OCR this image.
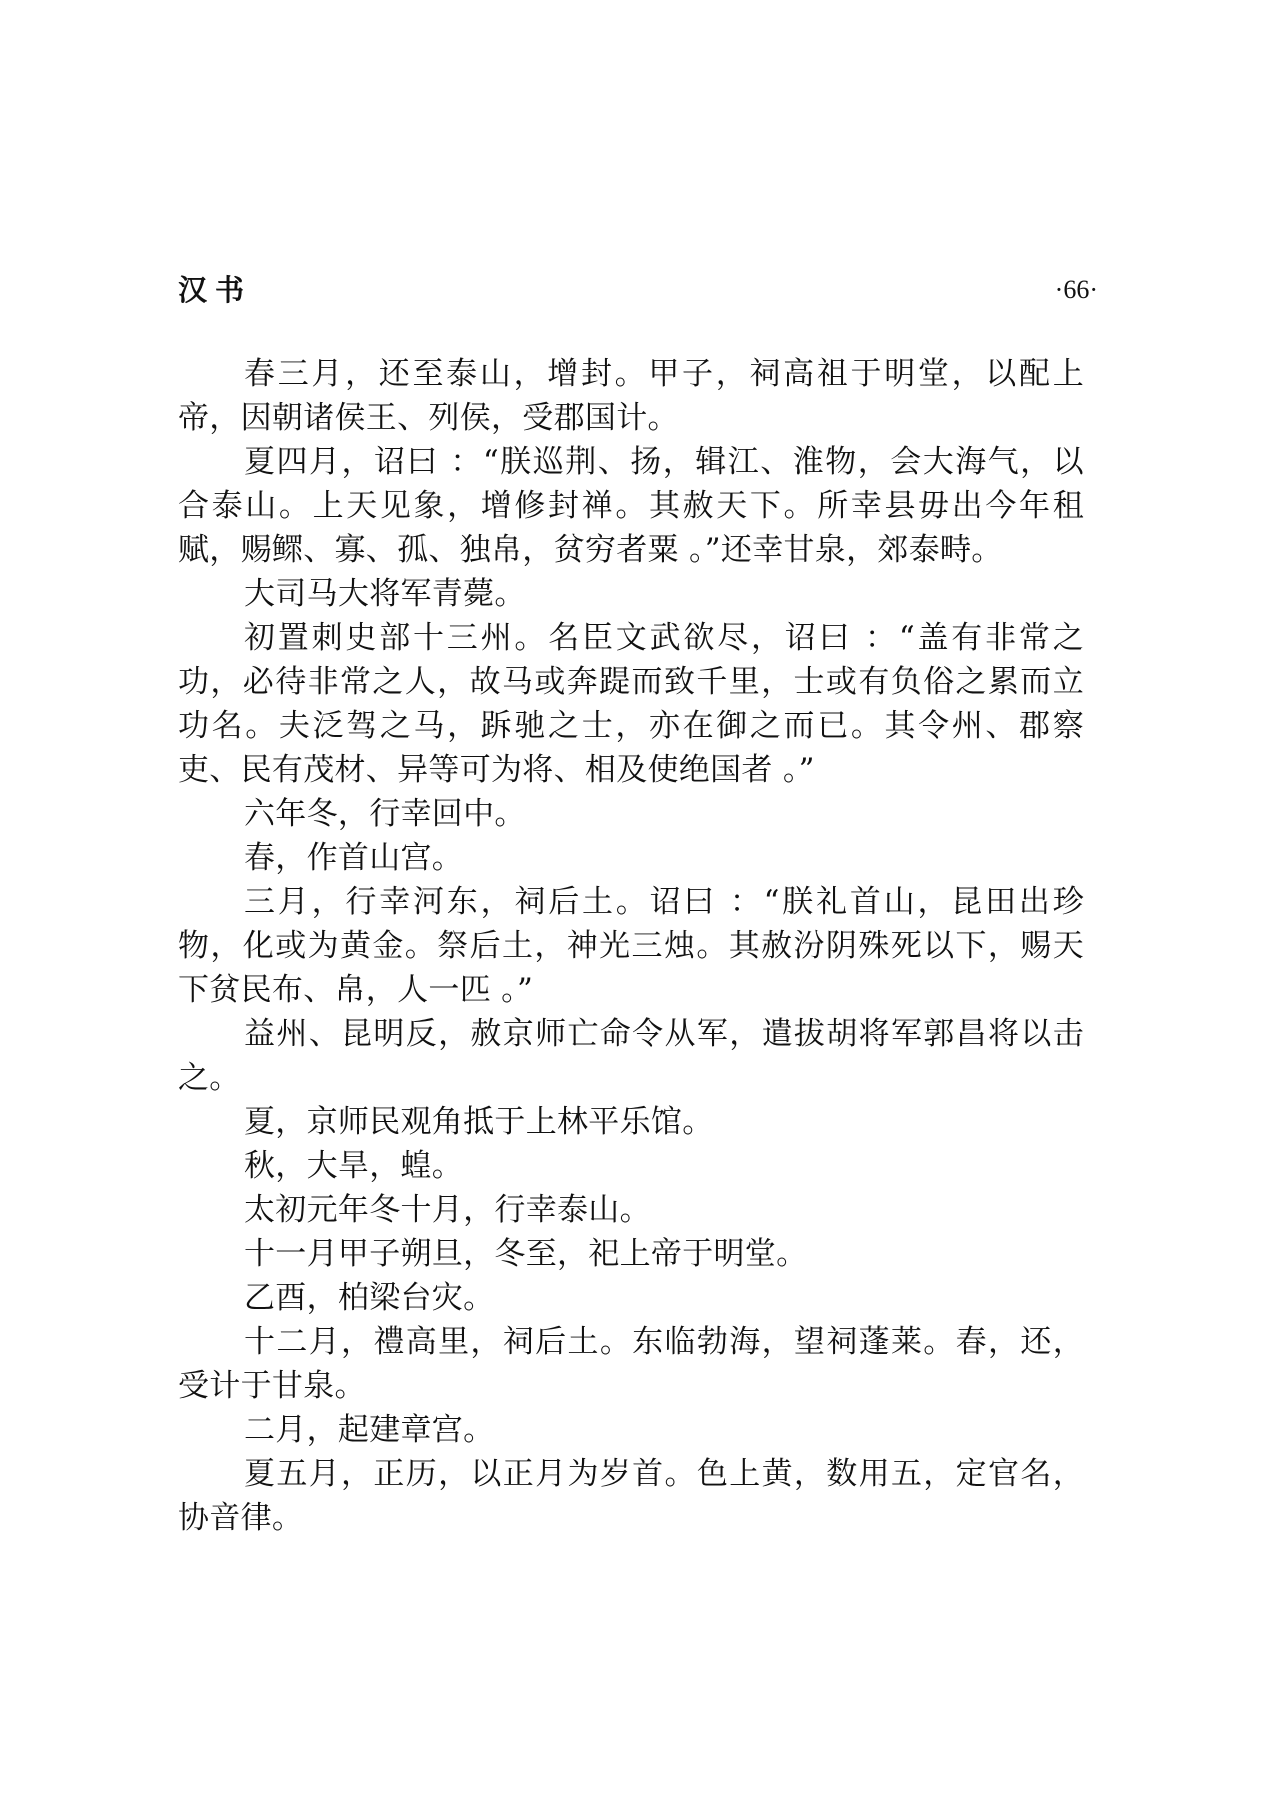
汉书	·66·

春三月，还至泰山，增封。甲子，祠高祖于明堂，以配上帝，因朝诸侯王、列侯，受郡国计。

夏四月，诏曰 ：“朕巡荆、扬，辑江、淮物，会大海气，以合泰山。上天见象，增修封禅。其赦天下。所幸县毋出今年租赋，赐鳏、寡、孤、独帛，贫穷者粟 。”还幸甘泉，郊泰畤。

大司马大将军青薨。

初置刺史部十三州。名臣文武欲尽，诏曰 ：“盖有非常之功，必待非常之人，故马或奔踶而致千里，士或有负俗之累而立功名。夫泛驾之马，跅驰之士，亦在御之而已。其令州、郡察吏、民有茂材、异等可为将、相及使绝国者 。”

六年冬，行幸回中。

春，作首山宫。

三月，行幸河东，祠后土。诏曰 ：“朕礼首山，昆田出珍物，化或为黄金。祭后土，神光三烛。其赦汾阴殊死以下，赐天下贫民布、帛，人一匹 。”

益州、昆明反，赦京师亡命令从军，遣拔胡将军郭昌将以击之。

夏，京师民观角抵于上林平乐馆。

秋，大旱，蝗。

太初元年冬十月，行幸泰山。

十一月甲子朔旦，冬至，祀上帝于明堂。

乙酉，柏梁台灾。

十二月，禮高里，祠后土。东临勃海，望祠蓬莱。春，还，受计于甘泉。

二月，起建章宫。

夏五月，正历，以正月为岁首。色上黄，数用五，定官名，协音律。
